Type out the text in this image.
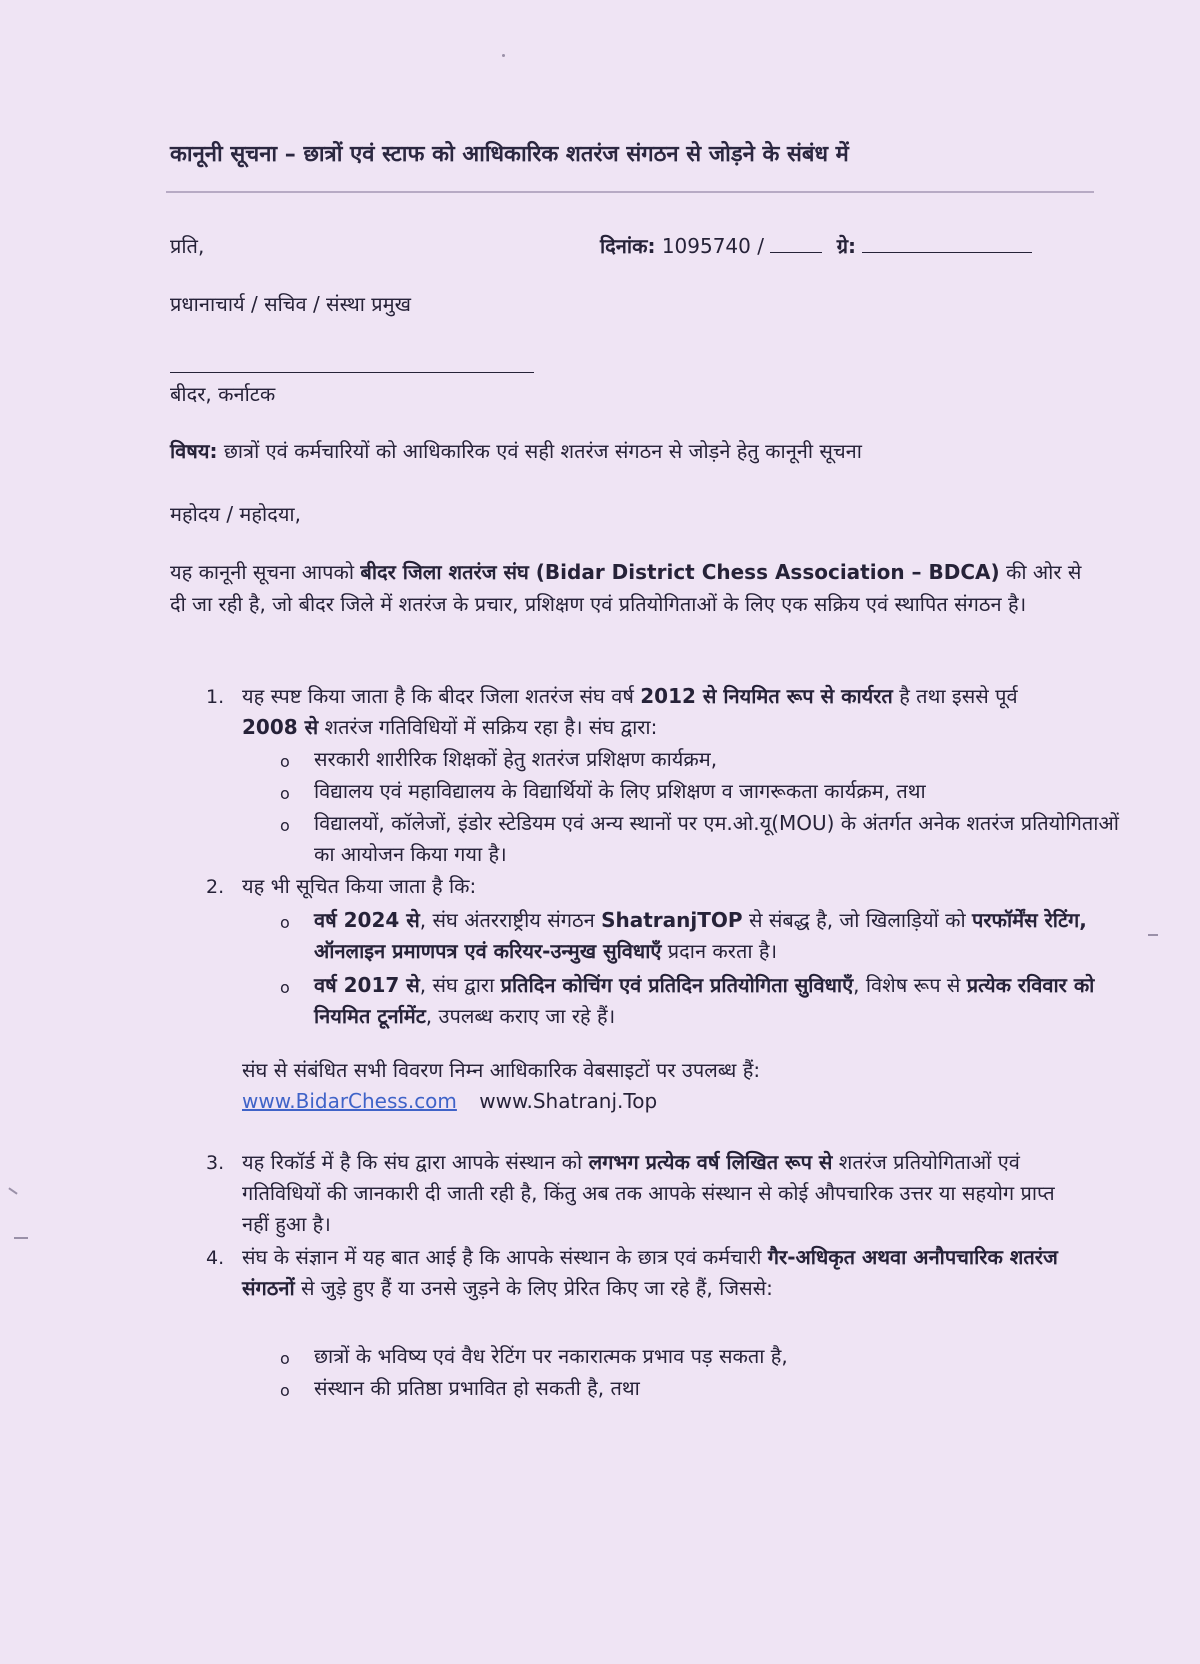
कानूनी सूचना – छात्रों एवं स्टाफ को आधिकारिक शतरंज संगठन से जोड़ने के संबंध में
प्रति,	दिनांक: 1095740 /	ग्रे:
प्रधानाचार्य / सचिव / संस्था प्रमुख
बीदर, कर्नाटक
विषय: छात्रों एवं कर्मचारियों को आधिकारिक एवं सही शतरंज संगठन से जोड़ने हेतु कानूनी सूचना
महोदय / महोदया,
यह कानूनी सूचना आपको बीदर जिला शतरंज संघ (Bidar District Chess Association – BDCA) की ओर से दी जा रही है, जो बीदर जिले में शतरंज के प्रचार, प्रशिक्षण एवं प्रतियोगिताओं के लिए एक सक्रिय एवं स्थापित संगठन है।
1. यह स्पष्ट किया जाता है कि बीदर जिला शतरंज संघ वर्ष 2012 से नियमित रूप से कार्यरत है तथा इससे पूर्व 2008 से शतरंज गतिविधियों में सक्रिय रहा है। संघ द्वारा:
o सरकारी शारीरिक शिक्षकों हेतु शतरंज प्रशिक्षण कार्यक्रम,
o विद्यालय एवं महाविद्यालय के विद्यार्थियों के लिए प्रशिक्षण व जागरूकता कार्यक्रम, तथा
o विद्यालयों, कॉलेजों, इंडोर स्टेडियम एवं अन्य स्थानों पर एम.ओ.यू(MOU) के अंतर्गत अनेक शतरंज प्रतियोगिताओं का आयोजन किया गया है।
2. यह भी सूचित किया जाता है कि:
o वर्ष 2024 से, संघ अंतरराष्ट्रीय संगठन ShatranjTOP से संबद्ध है, जो खिलाड़ियों को परफॉर्मेंस रेटिंग, ऑनलाइन प्रमाणपत्र एवं करियर-उन्मुख सुविधाएँ प्रदान करता है।
o वर्ष 2017 से, संघ द्वारा प्रतिदिन कोचिंग एवं प्रतिदिन प्रतियोगिता सुविधाएँ, विशेष रूप से प्रत्येक रविवार को नियमित टूर्नामेंट, उपलब्ध कराए जा रहे हैं।
संघ से संबंधित सभी विवरण निम्न आधिकारिक वेबसाइटों पर उपलब्ध हैं:
www.BidarChess.com www.Shatranj.Top
3. यह रिकॉर्ड में है कि संघ द्वारा आपके संस्थान को लगभग प्रत्येक वर्ष लिखित रूप से शतरंज प्रतियोगिताओं एवं गतिविधियों की जानकारी दी जाती रही है, किंतु अब तक आपके संस्थान से कोई औपचारिक उत्तर या सहयोग प्राप्त नहीं हुआ है।
4. संघ के संज्ञान में यह बात आई है कि आपके संस्थान के छात्र एवं कर्मचारी गैर-अधिकृत अथवा अनौपचारिक शतरंज संगठनों से जुड़े हुए हैं या उनसे जुड़ने के लिए प्रेरित किए जा रहे हैं, जिससे:
o छात्रों के भविष्य एवं वैध रेटिंग पर नकारात्मक प्रभाव पड़ सकता है,
o संस्थान की प्रतिष्ठा प्रभावित हो सकती है, तथा
